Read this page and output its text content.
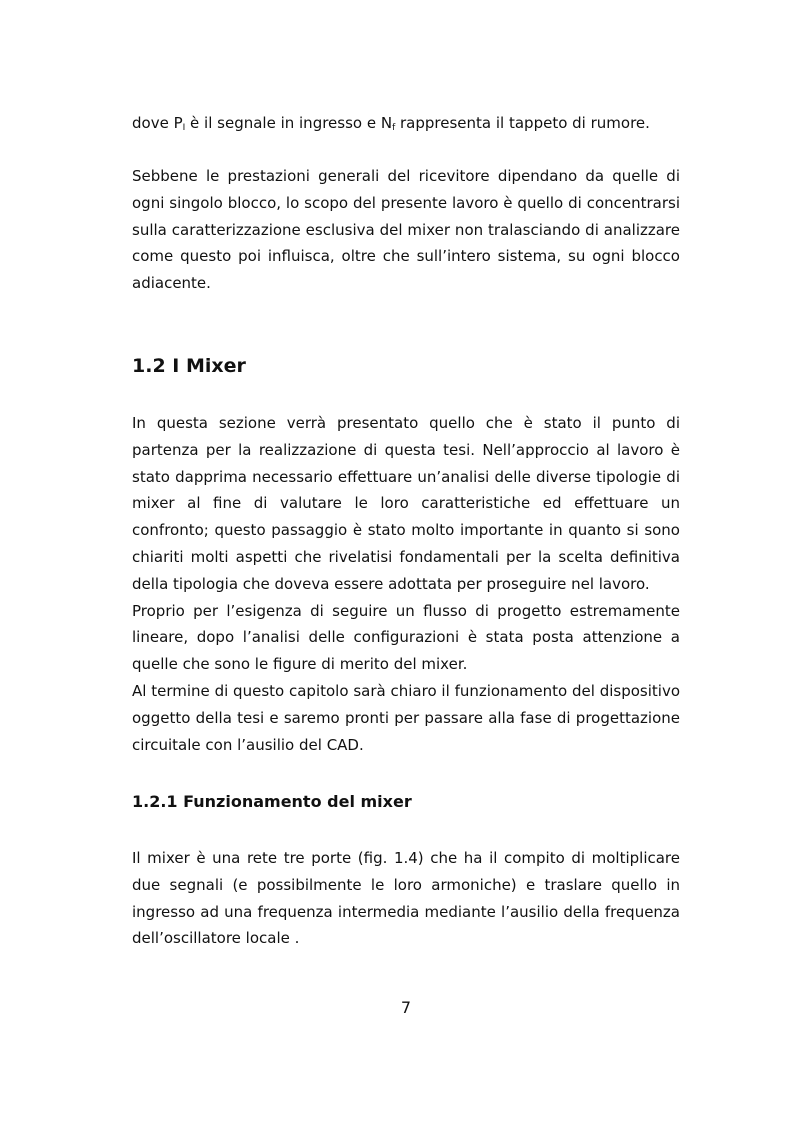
dove $P_I$ è il segnale in ingresso e $N_f$ rappresenta il tappeto di rumore.

Sebbene le prestazioni generali del ricevitore dipendano da quelle di ogni singolo blocco, lo scopo del presente lavoro è quello di concentrarsi sulla caratterizzazione esclusiva del mixer non tralasciando di analizzare come questo poi influisca, oltre che sull’intero sistema, su ogni blocco adiacente.

1.2 I Mixer

In questa sezione verrà presentato quello che è stato il punto di partenza per la realizzazione di questa tesi. Nell’approccio al lavoro è stato dapprima necessario effettuare un’analisi delle diverse tipologie di mixer al fine di valutare le loro caratteristiche ed effettuare un confronto; questo passaggio è stato molto importante in quanto si sono chiariti molti aspetti che rivelatisi fondamentali per la scelta definitiva della tipologia che doveva essere adottata per proseguire nel lavoro.

Proprio per l’esigenza di seguire un flusso di progetto estremamente lineare, dopo l’analisi delle configurazioni è stata posta attenzione a quelle che sono le figure di merito del mixer.

Al termine di questo capitolo sarà chiaro il funzionamento del dispositivo oggetto della tesi e saremo pronti per passare alla fase di progettazione circuitale con l’ausilio del CAD.

1.2.1 Funzionamento del mixer

Il mixer è una rete tre porte (fig. 1.4) che ha il compito di moltiplicare due segnali (e possibilmente le loro armoniche) e traslare quello in ingresso ad una frequenza intermedia mediante l’ausilio della frequenza dell’oscillatore locale .

7
